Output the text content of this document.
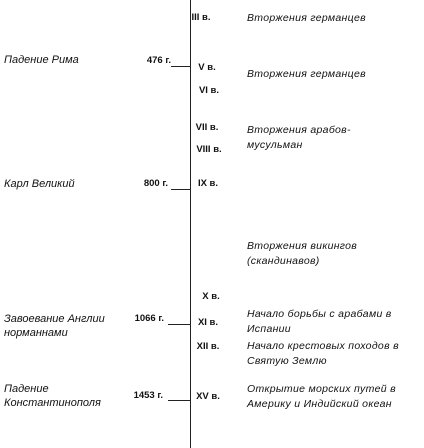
Падение Рима	476 г.
Карл Великий	800 г.
Завоевание Англии норманнами
1066 г.
Падение Константинополя
1453 г.
III в.
V в.
VI в.
VII в.
VIII в.
IX в.
X в.
XI в.
XII в.
XV в.
Вторжения германцев
Вторжения германцев
Вторжения арабов-мусульман
Вторжения викингов (скандинавов)
Начало борьбы с арабами в Испании
Начало крестовых походов в Святую Землю
Открытие морских путей в Америку и Индийский океан
